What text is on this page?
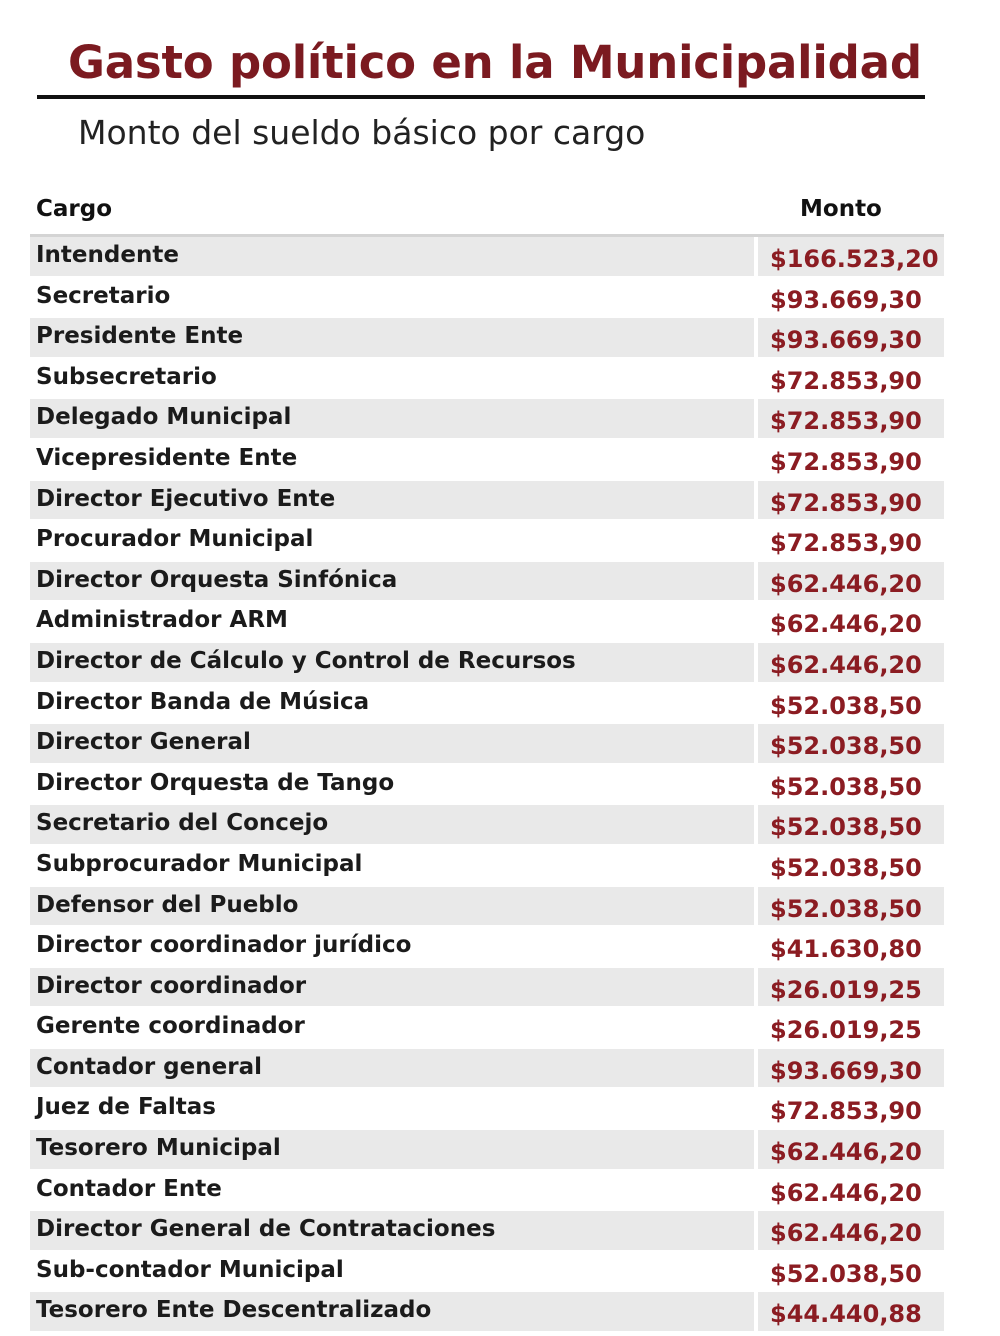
Gasto político en la Municipalidad
Monto del sueldo básico por cargo
Cargo	Monto
Intendente	$166.523,20
Secretario	$93.669,30
Presidente Ente	$93.669,30
Subsecretario	$72.853,90
Delegado Municipal	$72.853,90
Vicepresidente Ente	$72.853,90
Director Ejecutivo Ente	$72.853,90
Procurador Municipal	$72.853,90
Director Orquesta Sinfónica	$62.446,20
Administrador ARM	$62.446,20
Director de Cálculo y Control de Recursos	$62.446,20
Director Banda de Música	$52.038,50
Director General	$52.038,50
Director Orquesta de Tango	$52.038,50
Secretario del Concejo	$52.038,50
Subprocurador Municipal	$52.038,50
Defensor del Pueblo	$52.038,50
Director coordinador jurídico	$41.630,80
Director coordinador	$26.019,25
Gerente coordinador	$26.019,25
Contador general	$93.669,30
Juez de Faltas	$72.853,90
Tesorero Municipal	$62.446,20
Contador Ente	$62.446,20
Director General de Contrataciones	$62.446,20
Sub-contador Municipal	$52.038,50
Tesorero Ente Descentralizado	$44.440,88
